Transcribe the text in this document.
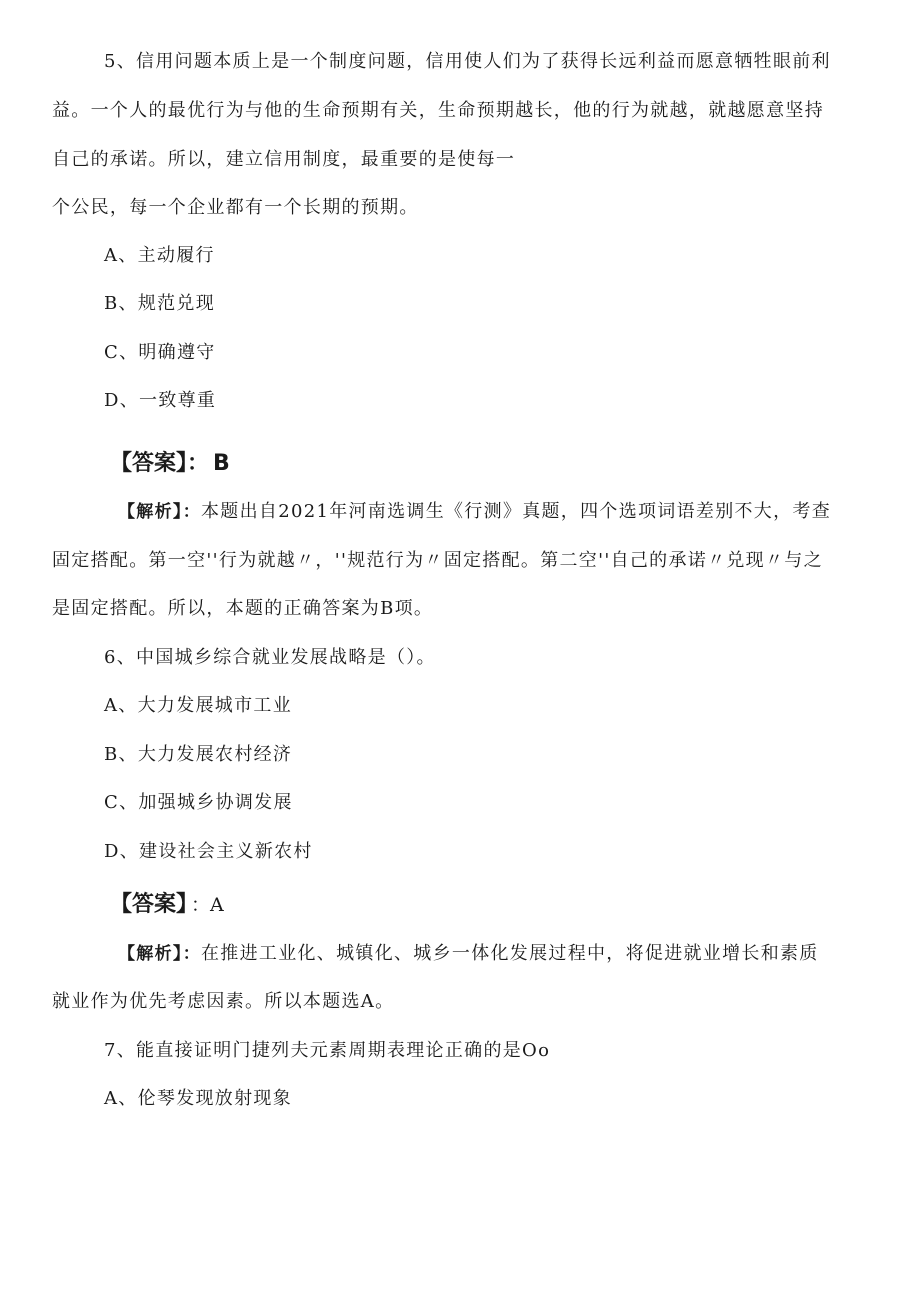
5、信用问题本质上是一个制度问题，信用使人们为了获得长远利益而愿意牺牲眼前利
益。一个人的最优行为与他的生命预期有关，生命预期越长，他的行为就越，就越愿意坚持
自己的承诺。所以，建立信用制度，最重要的是使每一
个公民，每一个企业都有一个长期的预期。
A、主动履行
B、规范兑现
C、明确遵守
D、一致尊重
【答案】： B
【解析】：本题出自2021年河南选调生《行测》真题，四个选项词语差别不大，考查
固定搭配。第一空''行为就越〃，''规范行为〃固定搭配。第二空''自己的承诺〃兑现〃与之
是固定搭配。所以，本题的正确答案为B项。
6、中国城乡综合就业发展战略是（）。
A、大力发展城市工业
B、大力发展农村经济
C、加强城乡协调发展
D、建设社会主义新农村
【答案】 ：A
【解析】：在推进工业化、城镇化、城乡一体化发展过程中，将促进就业增长和素质
就业作为优先考虑因素。所以本题选A。
7、能直接证明门捷列夫元素周期表理论正确的是Oo
A、伦琴发现放射现象
